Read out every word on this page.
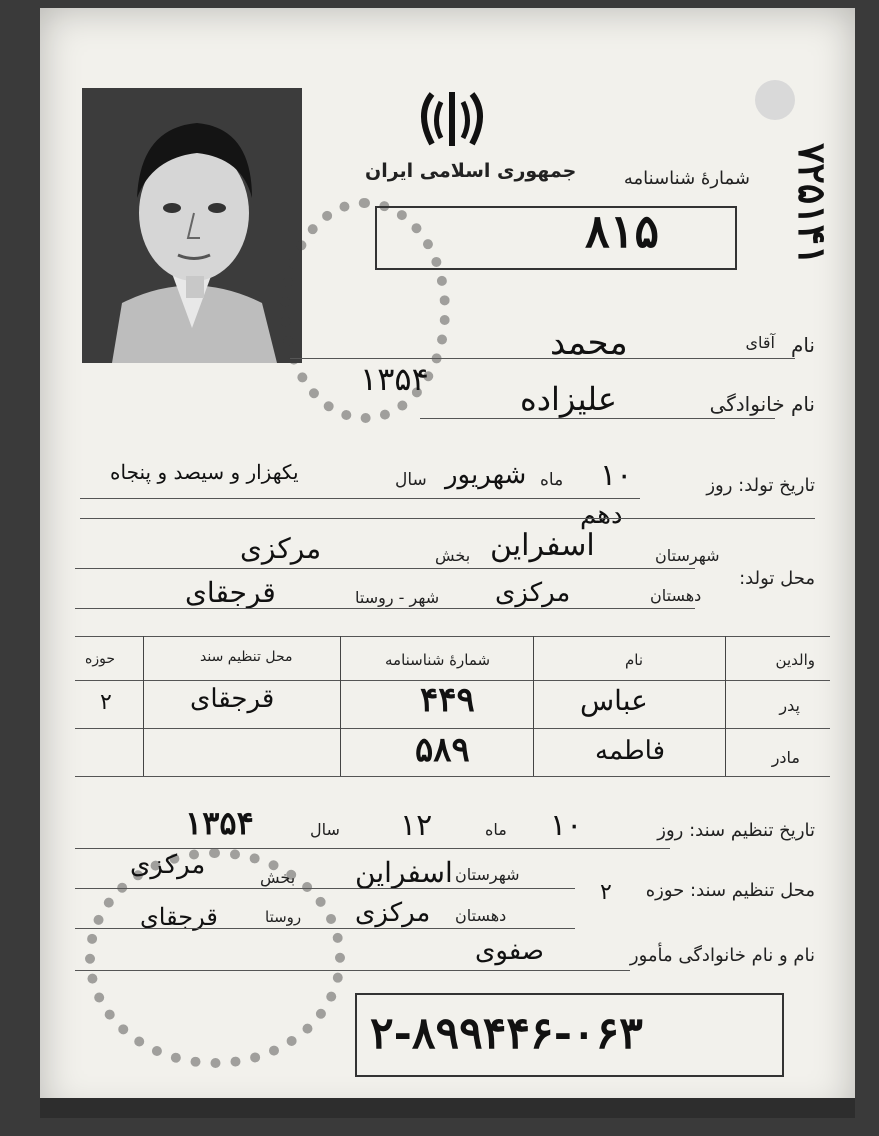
جمهوری اسلامی ایران	شمارهٔ شناسنامه ۷۲۵۱۴۱
۸۱۵
نام
آقای
محمد
۱۳۵۴
نام خانوادگی
علیزاده
تاریخ تولد: روز
۱۰
ماه
شهریور
سال
یکهزار و سیصد و پنجاه
دهم
محل تولد:
شهرستان
اسفراین
بخش
مرکزی
دهستان
مرکزی
شهر - روستا
قرجقای
والدین
نام
شمارهٔ شناسنامه
محل تنظیم سند
حوزه
پدر
عباس
۴۴۹
قرجقای
۲
مادر
فاطمه
۵۸۹
تاریخ تنظیم سند: روز
۱۰
ماه
۱۲
سال
۱۳۵۴
محل تنظیم سند: حوزه
۲
شهرستان
اسفراین
بخش
مرکزی
دهستان
مرکزی
روستا
قرجقای
نام و نام خانوادگی مأمور
صفوی
۲-۸۹۹۴۴۶-۰۶۳
